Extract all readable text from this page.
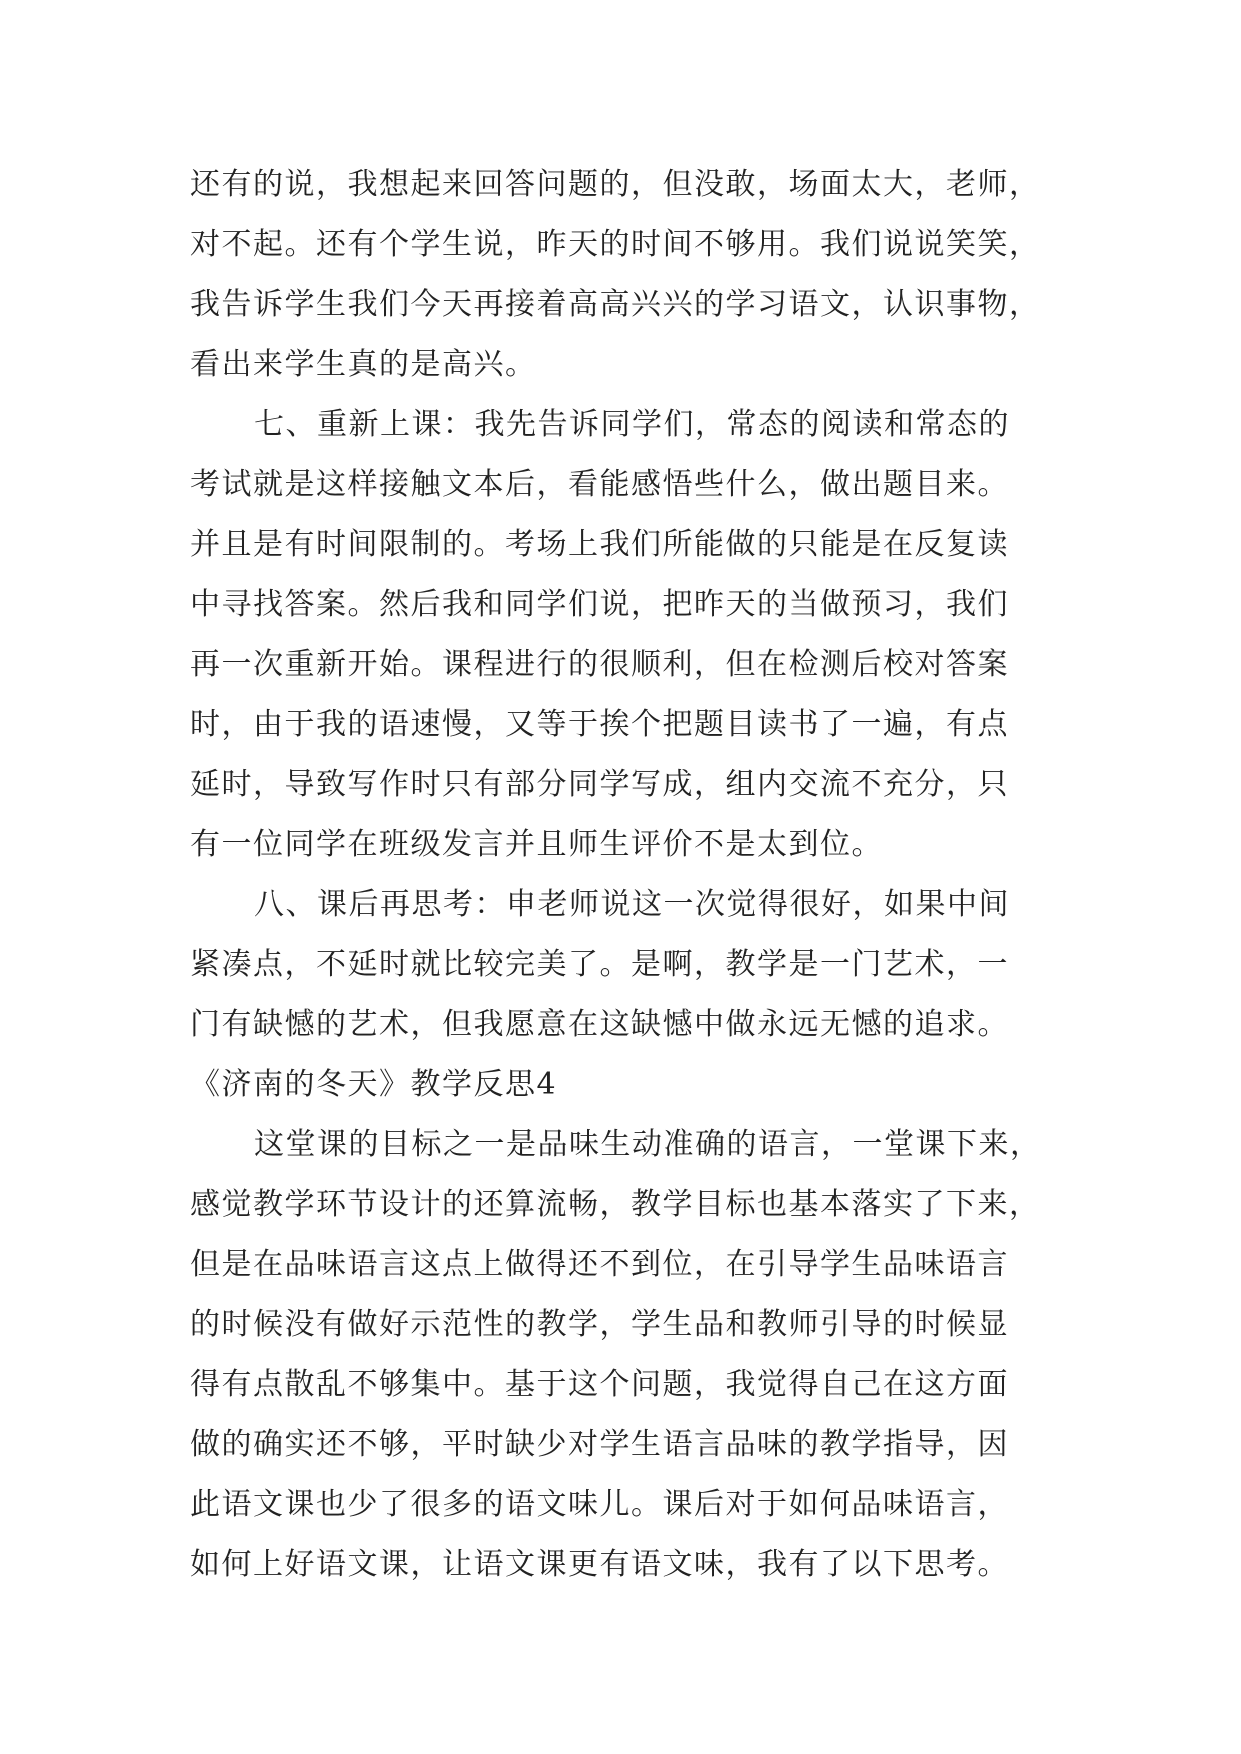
还有的说，我想起来回答问题的，但没敢，场面太大，老师，
对不起。还有个学生说，昨天的时间不够用。我们说说笑笑，
我告诉学生我们今天再接着高高兴兴的学习语文，认识事物，
看出来学生真的是高兴。
七、重新上课：我先告诉同学们，常态的阅读和常态的
考试就是这样接触文本后，看能感悟些什么，做出题目来。
并且是有时间限制的。考场上我们所能做的只能是在反复读
中寻找答案。然后我和同学们说，把昨天的当做预习，我们
再一次重新开始。课程进行的很顺利，但在检测后校对答案
时，由于我的语速慢，又等于挨个把题目读书了一遍，有点
延时，导致写作时只有部分同学写成，组内交流不充分，只
有一位同学在班级发言并且师生评价不是太到位。
八、课后再思考：申老师说这一次觉得很好，如果中间
紧凑点，不延时就比较完美了。是啊，教学是一门艺术，一
门有缺憾的艺术，但我愿意在这缺憾中做永远无憾的追求。
《济南的冬天》教学反思4
这堂课的目标之一是品味生动准确的语言，一堂课下来，
感觉教学环节设计的还算流畅，教学目标也基本落实了下来，
但是在品味语言这点上做得还不到位，在引导学生品味语言
的时候没有做好示范性的教学，学生品和教师引导的时候显
得有点散乱不够集中。基于这个问题，我觉得自己在这方面
做的确实还不够，平时缺少对学生语言品味的教学指导，因
此语文课也少了很多的语文味儿。课后对于如何品味语言，
如何上好语文课，让语文课更有语文味，我有了以下思考。
